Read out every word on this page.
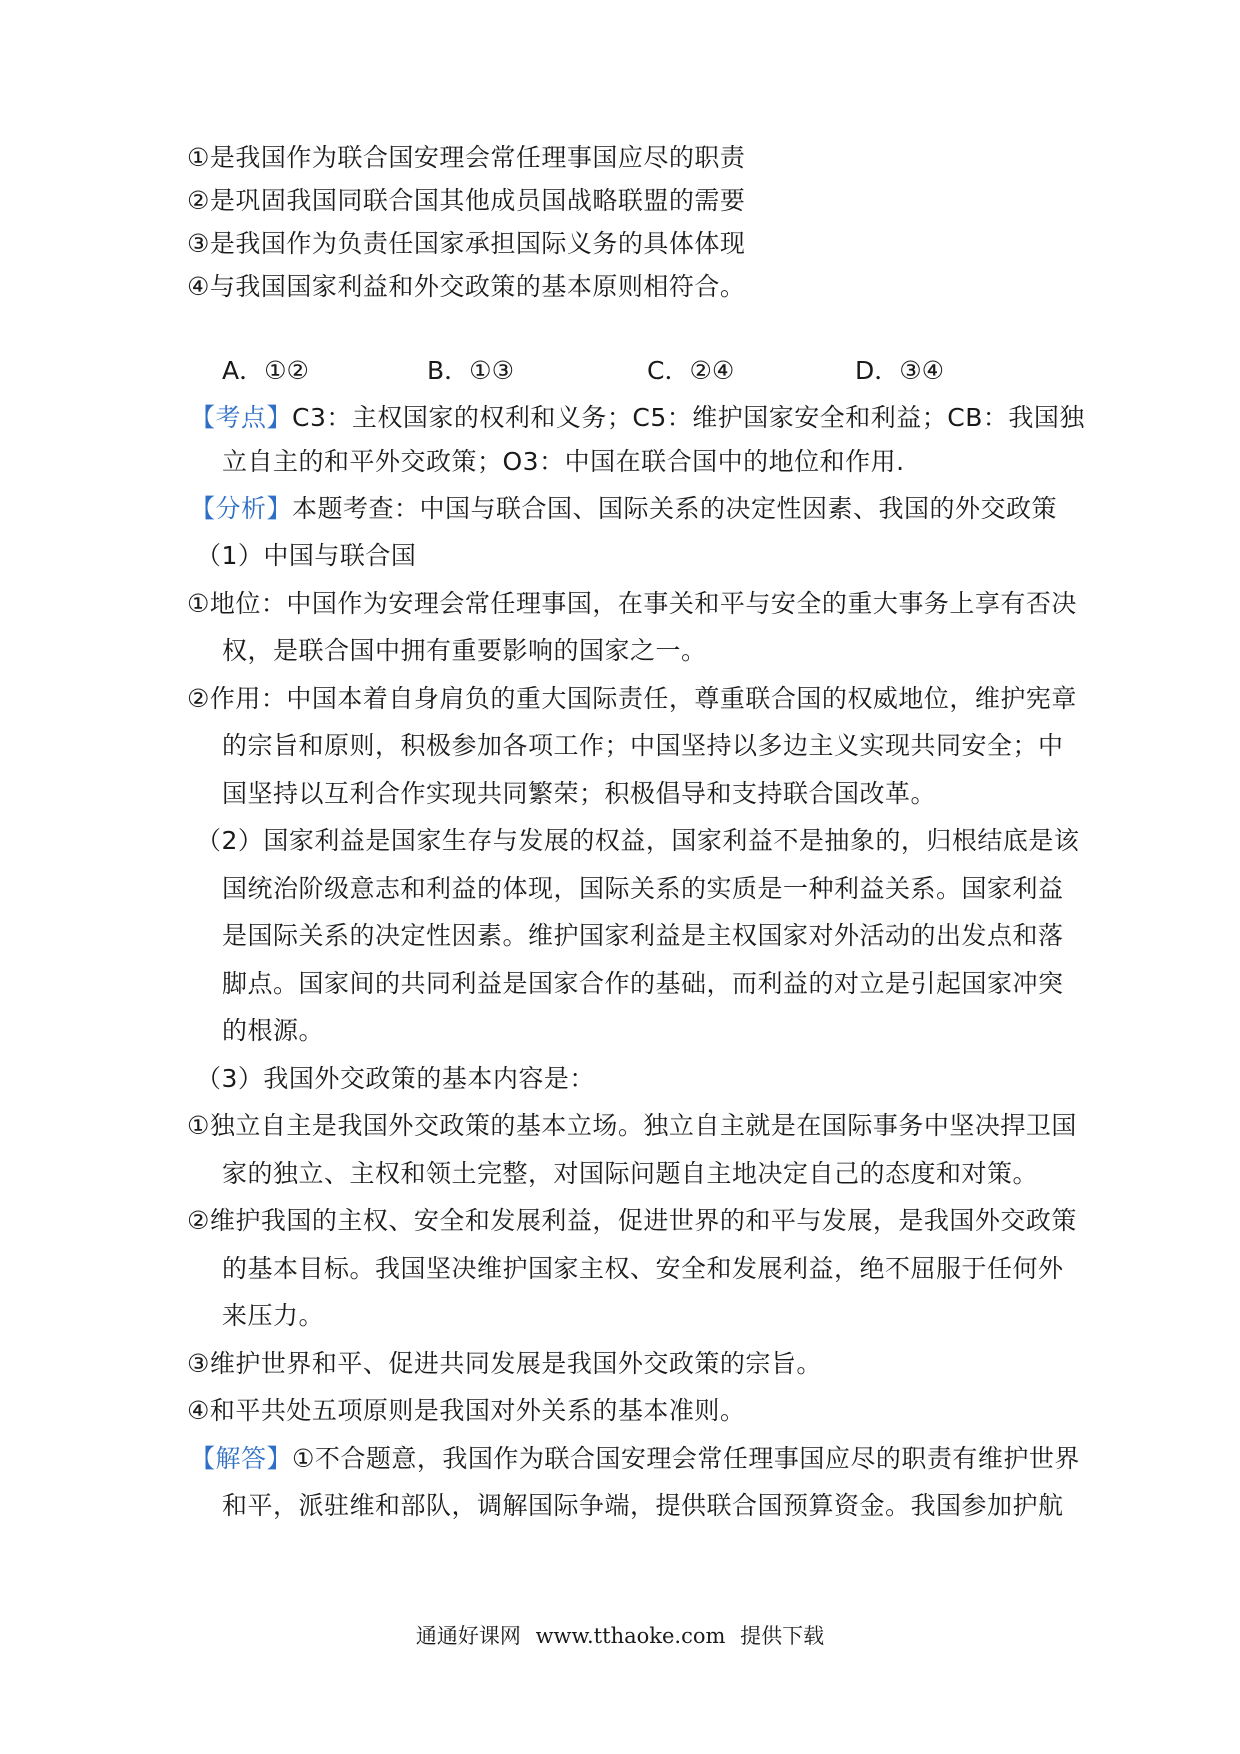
①是我国作为联合国安理会常任理事国应尽的职责
②是巩固我国同联合国其他成员国战略联盟的需要
③是我国作为负责任国家承担国际义务的具体体现
④与我国国家利益和外交政策的基本原则相符合。
A．①②	B．①③	C．②④	D．③④
【考点】C3：主权国家的权利和义务；C5：维护国家安全和利益；CB：我国独
立自主的和平外交政策；O3：中国在联合国中的地位和作用.
【分析】本题考查：中国与联合国、国际关系的决定性因素、我国的外交政策
（1）中国与联合国
①地位：中国作为安理会常任理事国，在事关和平与安全的重大事务上享有否决
权，是联合国中拥有重要影响的国家之一。
②作用：中国本着自身肩负的重大国际责任，尊重联合国的权威地位，维护宪章
的宗旨和原则，积极参加各项工作；中国坚持以多边主义实现共同安全；中
国坚持以互利合作实现共同繁荣；积极倡导和支持联合国改革。
（2）国家利益是国家生存与发展的权益，国家利益不是抽象的，归根结底是该
国统治阶级意志和利益的体现，国际关系的实质是一种利益关系。国家利益
是国际关系的决定性因素。维护国家利益是主权国家对外活动的出发点和落
脚点。国家间的共同利益是国家合作的基础，而利益的对立是引起国家冲突
的根源。
（3）我国外交政策的基本内容是：
①独立自主是我国外交政策的基本立场。独立自主就是在国际事务中坚决捍卫国
家的独立、主权和领土完整，对国际问题自主地决定自己的态度和对策。
②维护我国的主权、安全和发展利益，促进世界的和平与发展，是我国外交政策
的基本目标。我国坚决维护国家主权、安全和发展利益，绝不屈服于任何外
来压力。
③维护世界和平、促进共同发展是我国外交政策的宗旨。
④和平共处五项原则是我国对外关系的基本准则。
【解答】①不合题意，我国作为联合国安理会常任理事国应尽的职责有维护世界
和平，派驻维和部队，调解国际争端，提供联合国预算资金。我国参加护航
通通好课网 www.tthaoke.com 提供下载
